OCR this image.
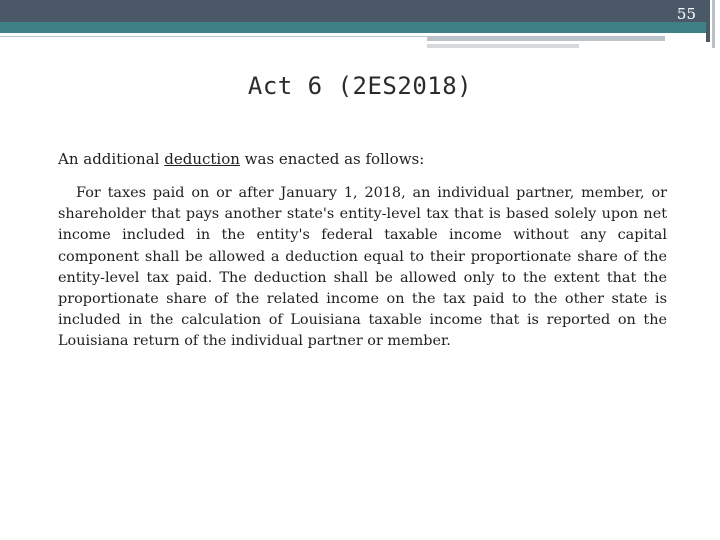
55
Act 6 (2ES2018)
An additional deduction was enacted as follows:
For taxes paid on or after January 1, 2018, an individual partner, member, or shareholder that pays another state's entity-level tax that is based solely upon net income included in the entity's federal taxable income without any capital component shall be allowed a deduction equal to their proportionate share of the entity-level tax paid. The deduction shall be allowed only to the extent that the proportionate share of the related income on the tax paid to the other state is included in the calculation of Louisiana taxable income that is reported on the Louisiana return of the individual partner or member.
